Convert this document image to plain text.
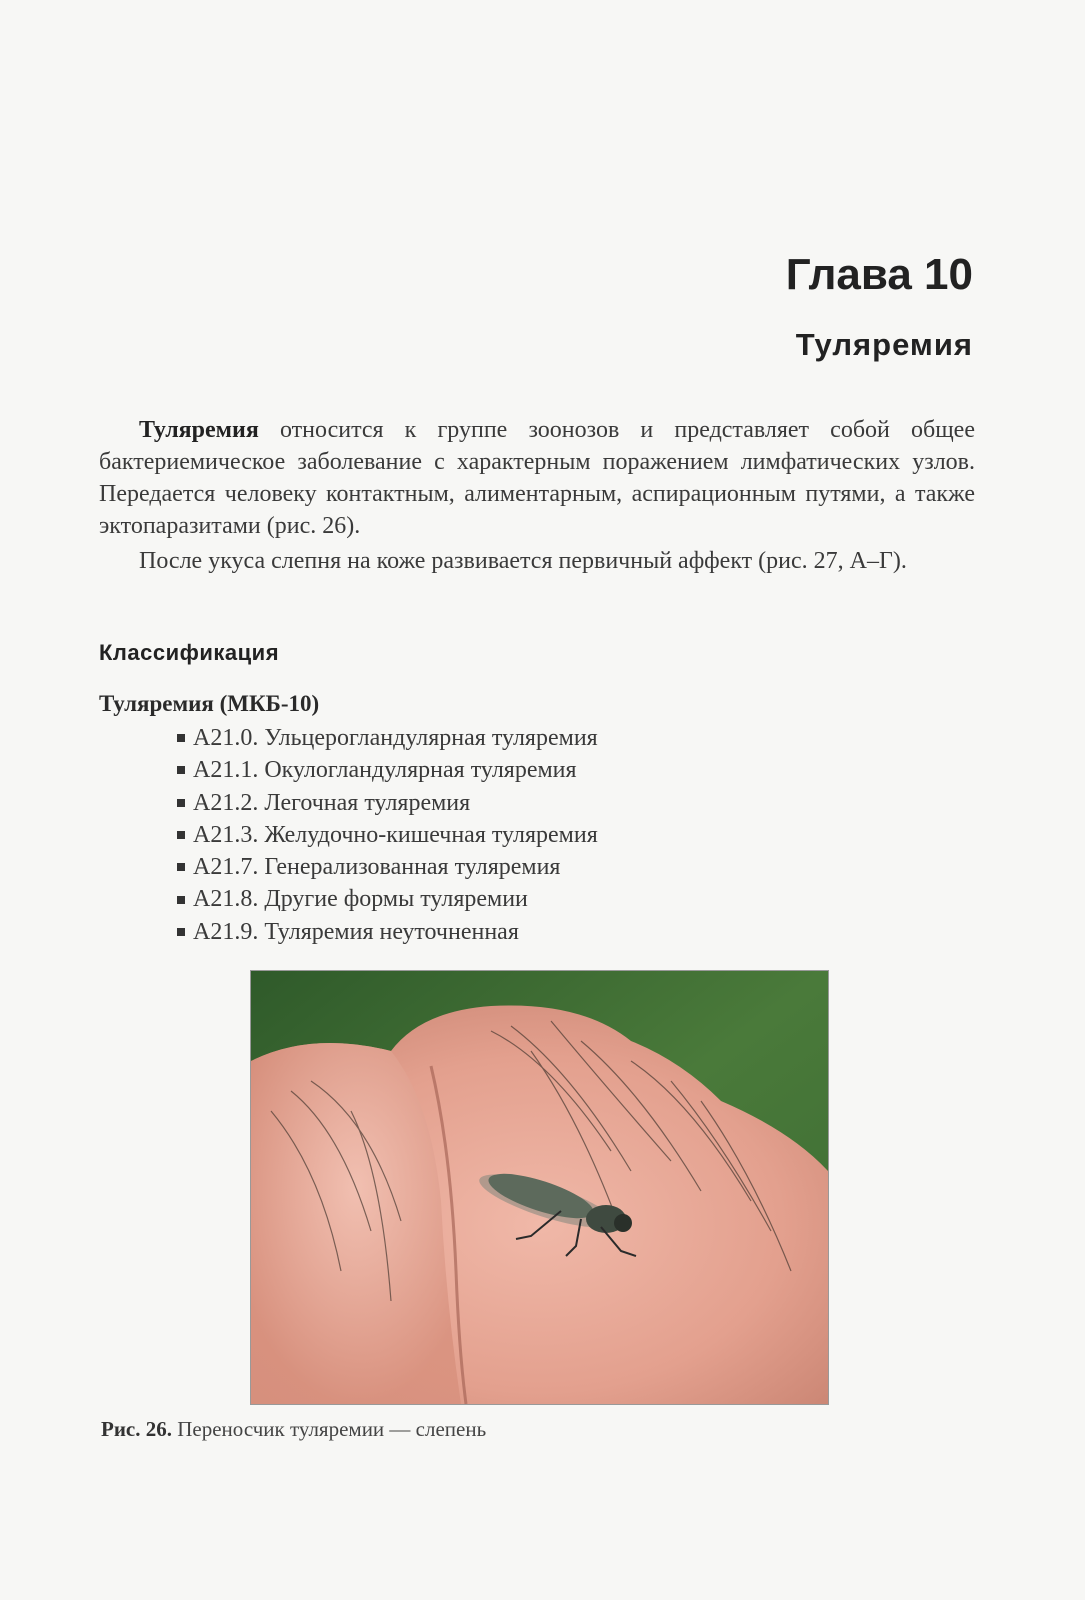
Глава 10
Туляремия

Туляремия относится к группе зоонозов и представляет собой общее бактериемическое заболевание с характерным поражением лимфатических узлов. Передается человеку контактным, алиментарным, аспирационным путями, а также эктопаразитами (рис. 26).

После укуса слепня на коже развивается первичный аффект (рис. 27, А–Г).

Классификация
Туляремия (МКБ-10)
A21.0. Ульцерогландулярная туляремия
A21.1. Окулогландулярная туляремия
A21.2. Легочная туляремия
A21.3. Желудочно-кишечная туляремия
A21.7. Генерализованная туляремия
A21.8. Другие формы туляремии
A21.9. Туляремия неуточненная

Рис. 26. Переносчик туляремии — слепень
